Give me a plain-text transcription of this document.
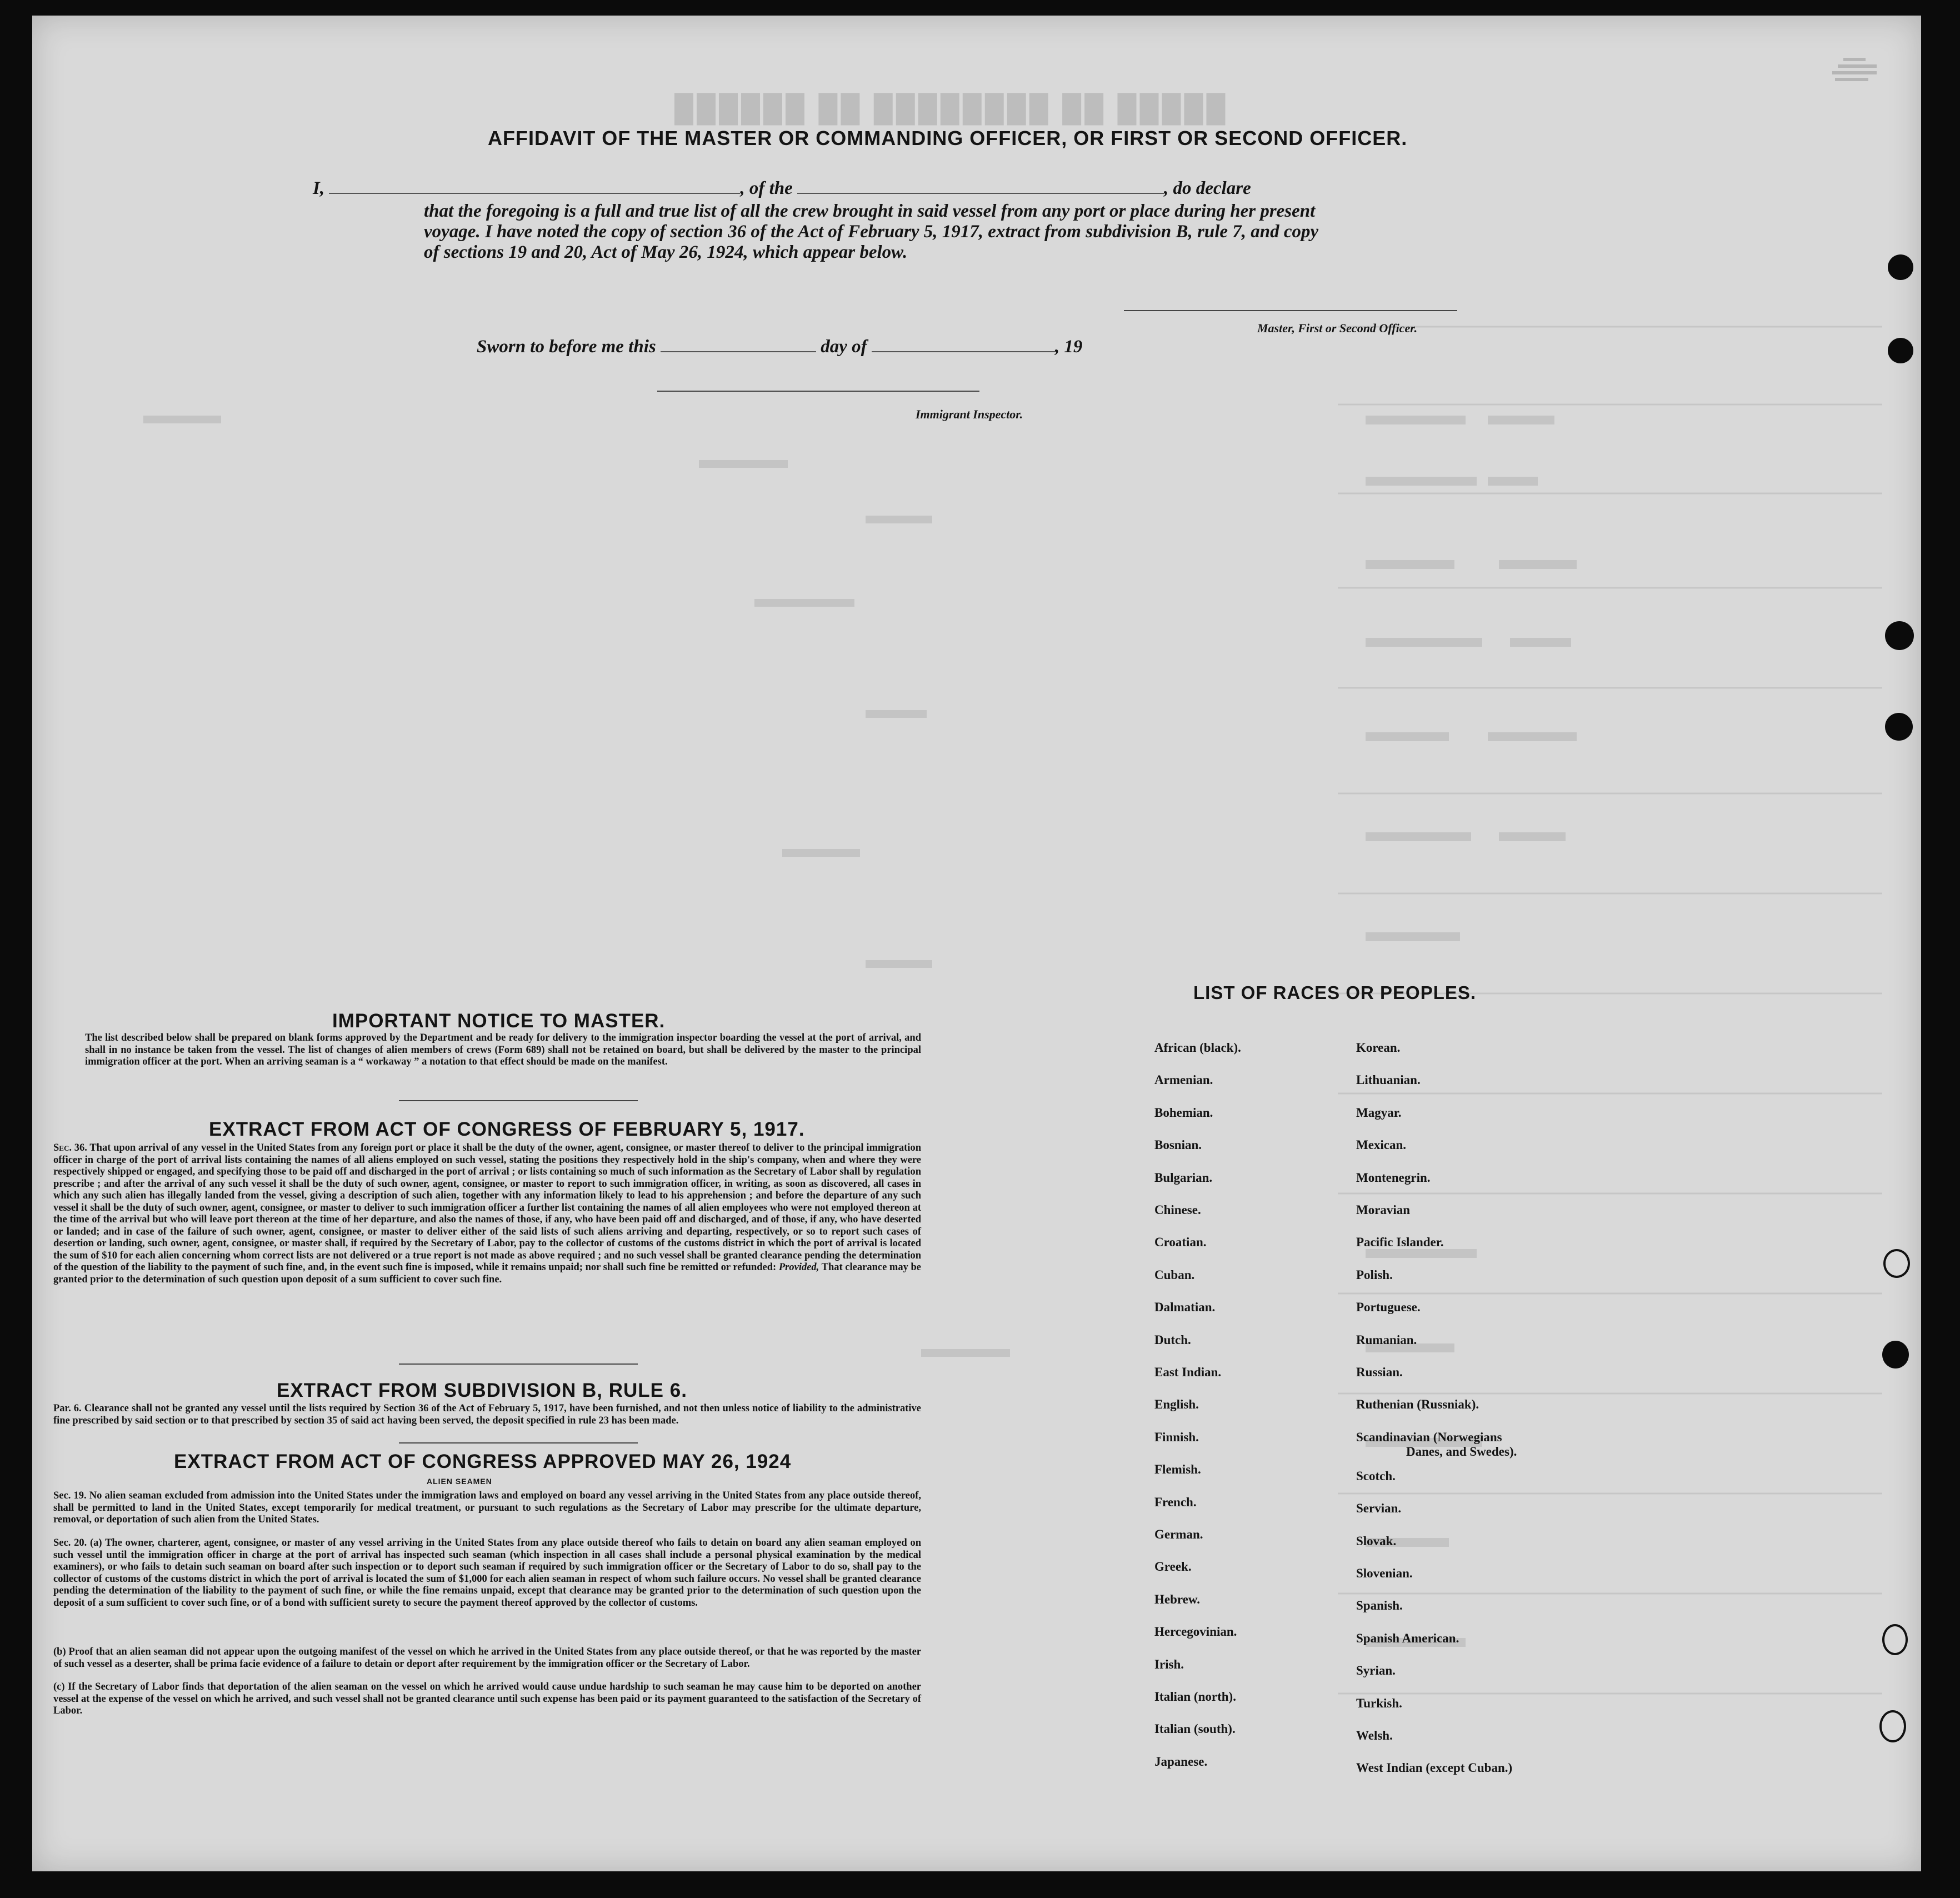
█████ ██ ████████ ██ ██████
AFFIDAVIT OF THE MASTER OR COMMANDING OFFICER, OR FIRST OR SECOND OFFICER.
I,	, of the	, do declare
that the foregoing is a full and true list of all the crew brought in said vessel from any port or place during her present
voyage. I have noted the copy of section 36 of the Act of February 5, 1917, extract from subdivision B, rule 7, and copy
of sections 19 and 20, Act of May 26, 1924, which appear below.
Master, First or Second Officer.
Sworn to before me this	day of	, 19
Immigrant Inspector.
IMPORTANT NOTICE TO MASTER.
The list described below shall be prepared on blank forms approved by the Department and be ready for delivery to the immigration inspector boarding the vessel at the port of arrival, and shall in no instance be taken from the vessel. The list of changes of alien members of crews (Form 689) shall not be retained on board, but shall be delivered by the master to the principal immigration officer at the port. When an arriving seaman is a “ workaway ” a notation to that effect should be made on the manifest.
EXTRACT FROM ACT OF CONGRESS OF FEBRUARY 5, 1917.
Sec. 36. That upon arrival of any vessel in the United States from any foreign port or place it shall be the duty of the owner, agent, consignee, or master thereof to deliver to the principal immigration officer in charge of the port of arrival lists containing the names of all aliens employed on such vessel, stating the positions they respectively hold in the ship's company, when and where they were respectively shipped or engaged, and specifying those to be paid off and discharged in the port of arrival ; or lists containing so much of such information as the Secretary of Labor shall by regulation prescribe ; and after the arrival of any such vessel it shall be the duty of such owner, agent, consignee, or master to report to such immigration officer, in writing, as soon as discovered, all cases in which any such alien has illegally landed from the vessel, giving a description of such alien, together with any information likely to lead to his apprehension ; and before the departure of any such vessel it shall be the duty of such owner, agent, consignee, or master to deliver to such immigration officer a further list containing the names of all alien employees who were not employed thereon at the time of the arrival but who will leave port thereon at the time of her departure, and also the names of those, if any, who have been paid off and discharged, and of those, if any, who have deserted or landed; and in case of the failure of such owner, agent, consignee, or master to deliver either of the said lists of such aliens arriving and departing, respectively, or so to report such cases of desertion or landing, such owner, agent, consignee, or master shall, if required by the Secretary of Labor, pay to the collector of customs of the customs district in which the port of arrival is located the sum of $10 for each alien concerning whom correct lists are not delivered or a true report is not made as above required ; and no such vessel shall be granted clearance pending the determination of the question of the liability to the payment of such fine, and, in the event such fine is imposed, while it remains unpaid; nor shall such fine be remitted or refunded: Provided, That clearance may be granted prior to the determination of such question upon deposit of a sum sufficient to cover such fine.
EXTRACT FROM SUBDIVISION B, RULE 6.
Par. 6. Clearance shall not be granted any vessel until the lists required by Section 36 of the Act of February 5, 1917, have been furnished, and not then unless notice of liability to the administrative fine prescribed by said section or to that prescribed by section 35 of said act having been served, the deposit specified in rule 23 has been made.
EXTRACT FROM ACT OF CONGRESS APPROVED MAY 26, 1924
ALIEN SEAMEN
Sec. 19. No alien seaman excluded from admission into the United States under the immigration laws and employed on board any vessel arriving in the United States from any place outside thereof, shall be permitted to land in the United States, except temporarily for medical treatment, or pursuant to such regulations as the Secretary of Labor may prescribe for the ultimate departure, removal, or deportation of such alien from the United States.
Sec. 20. (a) The owner, charterer, agent, consignee, or master of any vessel arriving in the United States from any place outside thereof who fails to detain on board any alien seaman employed on such vessel until the immigration officer in charge at the port of arrival has inspected such seaman (which inspection in all cases shall include a personal physical examination by the medical examiners), or who fails to detain such seaman on board after such inspection or to deport such seaman if required by such immigration officer or the Secretary of Labor to do so, shall pay to the collector of customs of the customs district in which the port of arrival is located the sum of $1,000 for each alien seaman in respect of whom such failure occurs. No vessel shall be granted clearance pending the determination of the liability to the payment of such fine, or while the fine remains unpaid, except that clearance may be granted prior to the determination of such question upon the deposit of a sum sufficient to cover such fine, or of a bond with sufficient surety to secure the payment thereof approved by the collector of customs.
(b) Proof that an alien seaman did not appear upon the outgoing manifest of the vessel on which he arrived in the United States from any place outside thereof, or that he was reported by the master of such vessel as a deserter, shall be prima facie evidence of a failure to detain or deport after requirement by the immigration officer or the Secretary of Labor.
(c) If the Secretary of Labor finds that deportation of the alien seaman on the vessel on which he arrived would cause undue hardship to such seaman he may cause him to be deported on another vessel at the expense of the vessel on which he arrived, and such vessel shall not be granted clearance until such expense has been paid or its payment guaranteed to the satisfaction of the Secretary of Labor.
LIST OF RACES OR PEOPLES.
African (black).
Armenian.
Bohemian.
Bosnian.
Bulgarian.
Chinese.
Croatian.
Cuban.
Dalmatian.
Dutch.
East Indian.
English.
Finnish.
Flemish.
French.
German.
Greek.
Hebrew.
Hercegovinian.
Irish.
Italian (north).
Italian (south).
Japanese.
Korean.
Lithuanian.
Magyar.
Mexican.
Montenegrin.
Moravian
Pacific Islander.
Polish.
Portuguese.
Rumanian.
Russian.
Ruthenian (Russniak).
Scandinavian (Norwegians
Danes, and Swedes).
Scotch.
Servian.
Slovak.
Slovenian.
Spanish.
Spanish American.
Syrian.
Turkish.
Welsh.
West Indian (except Cuban.)
